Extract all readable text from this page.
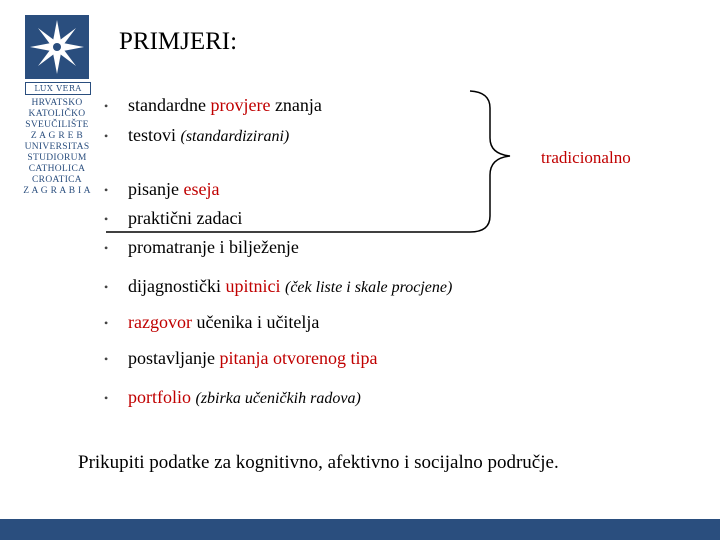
LUX VERA
HRVATSKO
KATOLIČKO
SVEUČILIŠTE
Z A G R E B
UNIVERSITAS
STUDIORUM
CATHOLICA
CROATICA
Z A G R A B I A
PRIMJERI:
• standardne provjere znanja
• testovi (standardizirani)
• pisanje eseja
• praktični zadaci
• promatranje i bilježenje
• dijagnostički upitnici (ček liste i skale procjene)
• razgovor učenika i učitelja
• postavljanje pitanja otvorenog tipa
• portfolio (zbirka učeničkih radova)
tradicionalno
Prikupiti podatke za kognitivno, afektivno i socijalno područje.
